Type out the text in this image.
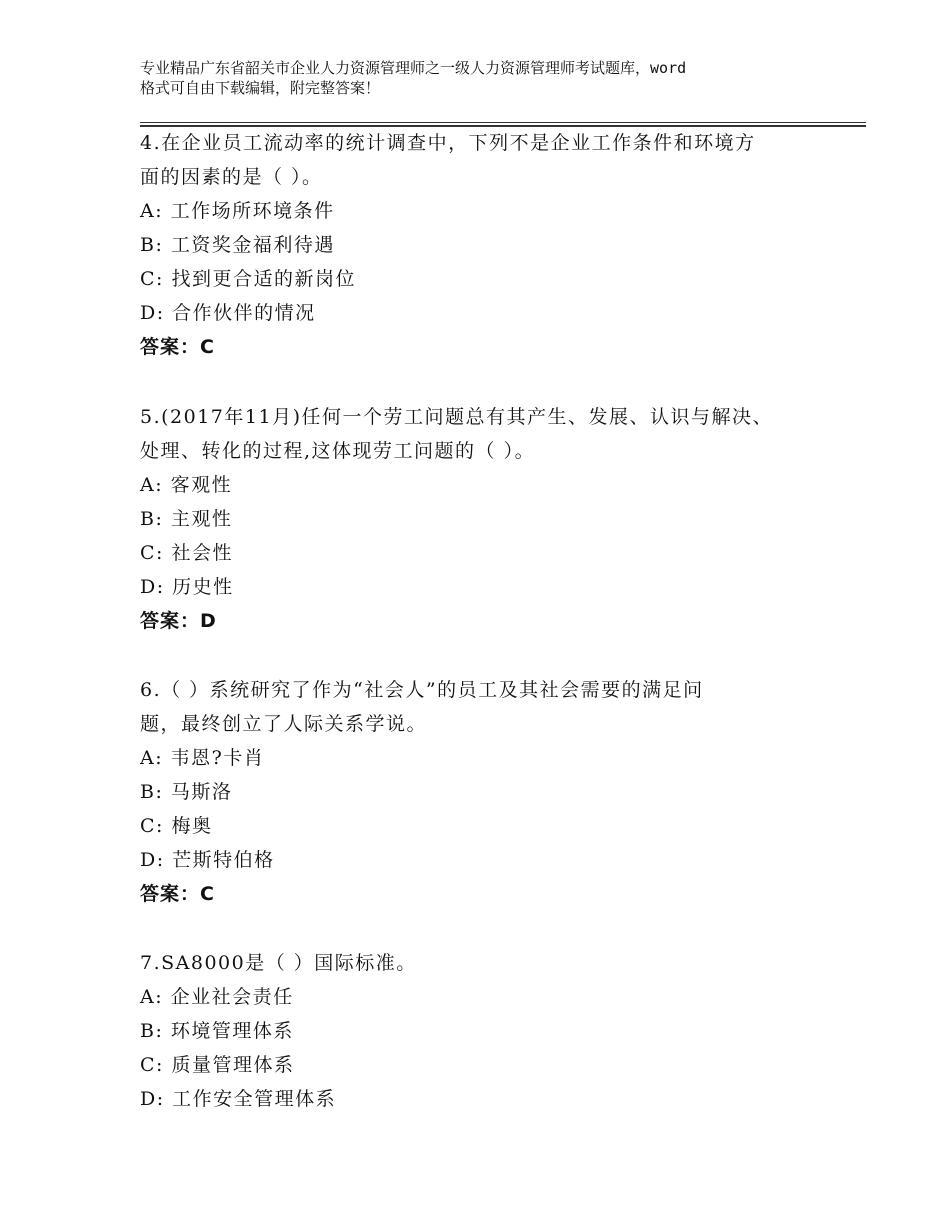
专业精品广东省韶关市企业人力资源管理师之一级人力资源管理师考试题库，word
格式可自由下载编辑，附完整答案！
4.在企业员工流动率的统计调查中，下列不是企业工作条件和环境方
面的因素的是（ ）。
A: 工作场所环境条件
B: 工资奖金福利待遇
C: 找到更合适的新岗位
D: 合作伙伴的情况
答案：C
5.(2017年11月)任何一个劳工问题总有其产生、发展、认识与解决、
处理、转化的过程,这体现劳工问题的（ ）。
A: 客观性
B: 主观性
C: 社会性
D: 历史性
答案：D
6.（ ）系统研究了作为“社会人”的员工及其社会需要的满足问
题，最终创立了人际关系学说。
A: 韦恩?卡肖
B: 马斯洛
C: 梅奥
D: 芒斯特伯格
答案：C
7.SA8000是（ ）国际标准。
A: 企业社会责任
B: 环境管理体系
C: 质量管理体系
D: 工作安全管理体系
